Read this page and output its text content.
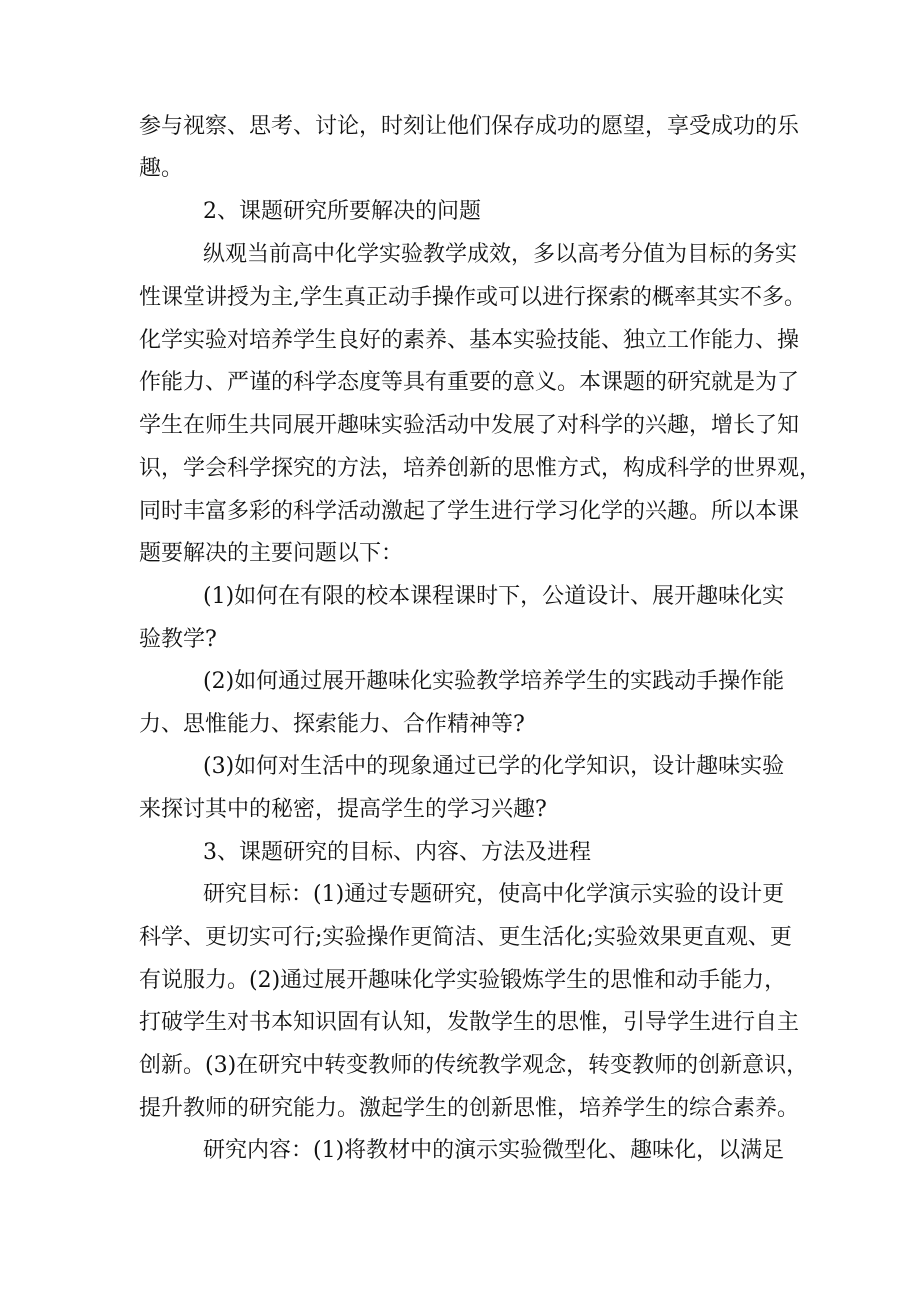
参与视察、思考、讨论，时刻让他们保存成功的愿望，享受成功的乐
趣。
2、课题研究所要解决的问题
纵观当前高中化学实验教学成效，多以高考分值为目标的务实
性课堂讲授为主,学生真正动手操作或可以进行探索的概率其实不多。
化学实验对培养学生良好的素养、基本实验技能、独立工作能力、操
作能力、严谨的科学态度等具有重要的意义。本课题的研究就是为了
学生在师生共同展开趣味实验活动中发展了对科学的兴趣，增长了知
识，学会科学探究的方法，培养创新的思惟方式，构成科学的世界观，
同时丰富多彩的科学活动激起了学生进行学习化学的兴趣。所以本课
题要解决的主要问题以下：
(1)如何在有限的校本课程课时下，公道设计、展开趣味化实
验教学?
(2)如何通过展开趣味化实验教学培养学生的实践动手操作能
力、思惟能力、探索能力、合作精神等?
(3)如何对生活中的现象通过已学的化学知识，设计趣味实验
来探讨其中的秘密，提高学生的学习兴趣?
3、课题研究的目标、内容、方法及进程
研究目标：(1)通过专题研究，使高中化学演示实验的设计更
科学、更切实可行;实验操作更简洁、更生活化;实验效果更直观、更
有说服力。(2)通过展开趣味化学实验锻炼学生的思惟和动手能力，
打破学生对书本知识固有认知，发散学生的思惟，引导学生进行自主
创新。(3)在研究中转变教师的传统教学观念，转变教师的创新意识，
提升教师的研究能力。激起学生的创新思惟，培养学生的综合素养。
研究内容：(1)将教材中的演示实验微型化、趣味化，以满足
